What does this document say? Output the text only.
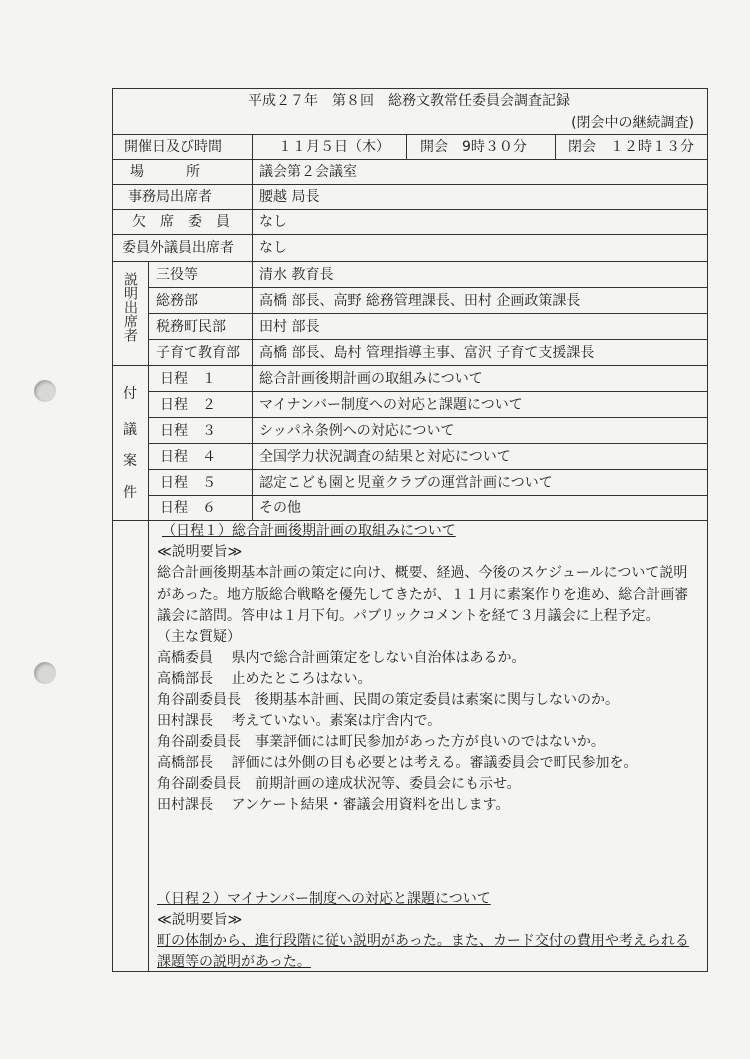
平成２７年　第８回　総務文教常任委員会調査記録
(閉会中の継続調査)
開催日及び時間	１１月５日（木） 開会　9時３０分	閉会　１２時１３分
場　　　所	議会第２会議室
事務局出席者	腰越 局長
欠　席　委　員 なし
委員外議員出席者 なし
説明出席者 三役等	清水 教育長
総務部	高橋 部長、高野 総務管理課長、田村 企画政策課長
税務町民部 田村 部長
子育て教育部 高橋 部長、島村 管理指導主事、富沢 子育て支援課長
付
議
案
件
日程　１	総合計画後期計画の取組みについて
日程　２	マイナンバー制度への対応と課題について
日程　３	シッパネ条例への対応について
日程　４	全国学力状況調査の結果と対応について
日程　５	認定こども園と児童クラブの運営計画について
日程　６	その他
（日程１）総合計画後期計画の取組みについて
≪説明要旨≫
総合計画後期基本計画の策定に向け、概要、経過、今後のスケジュールについて説明
があった。地方版総合戦略を優先してきたが、１１月に素案作りを進め、総合計画審
議会に諮問。答申は１月下旬。パブリックコメントを経て３月議会に上程予定。
（主な質疑）
高橋委員　 県内で総合計画策定をしない自治体はあるか。
高橋部長　 止めたところはない。
角谷副委員長　後期基本計画、民間の策定委員は素案に関与しないのか。
田村課長　 考えていない。素案は庁舎内で。
角谷副委員長　事業評価には町民参加があった方が良いのではないか。
高橋部長　 評価には外側の目も必要とは考える。審議委員会で町民参加を。
角谷副委員長　前期計画の達成状況等、委員会にも示せ。
田村課長　 アンケート結果・審議会用資料を出します。
（日程２）マイナンバー制度への対応と課題について
≪説明要旨≫
町の体制から、進行段階に従い説明があった。また、カード交付の費用や考えられる
課題等の説明があった。
